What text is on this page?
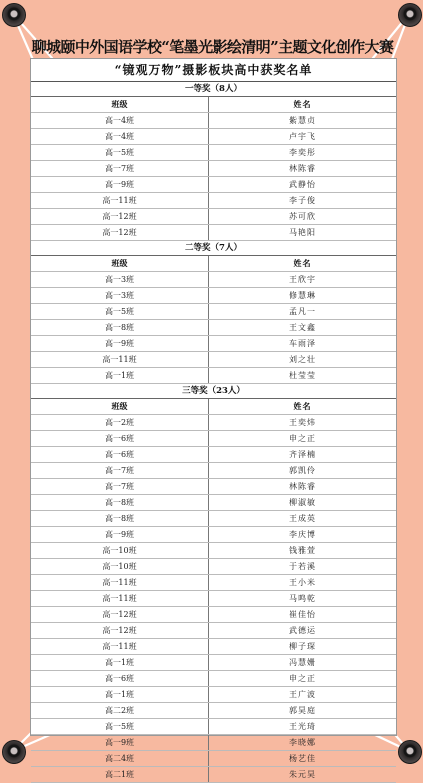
聊城颐中外国语学校“笔墨光影绘清明”主题文化创作大赛
“镜观万物”摄影板块高中获奖名单
一等奖（8人）
班级	姓名
高一4班	紫慧贞
高一4班	卢宇飞
高一5班	李奕彤
高一7班	林陈睿
高一9班	武静怡
高一11班	李子俊
高一12班	苏可欣
高一12班	马艳阳
二等奖（7人）
班级	姓名
高一3班	王欣宇
高一3班	修慧琳
高一5班	孟凡一
高一8班	王文鑫
高一9班	车雨泽
高一11班	刘之壮
高一1班	杜莹莹
三等奖（23人）
班级	姓名
高一2班	王奕炜
高一6班	申之正
高一6班	齐泽楠
高一7班	郭凯伶
高一7班	林陈睿
高一8班	柳淑敏
高一8班	王成英
高一9班	李庆博
高一10班	钱雅萱
高一10班	于若溪
高一11班	王小米
高一11班	马鸣乾
高一12班	崔佳怡
高一12班	武德运
高一11班	柳子琛
高一1班	冯慧姗
高一6班	申之正
高一1班	王广波
高二2班	郭昊庭
高一5班	王光琦
高一9班	李晓娜
高二4班	杨艺佳
高二1班	朱元昊
